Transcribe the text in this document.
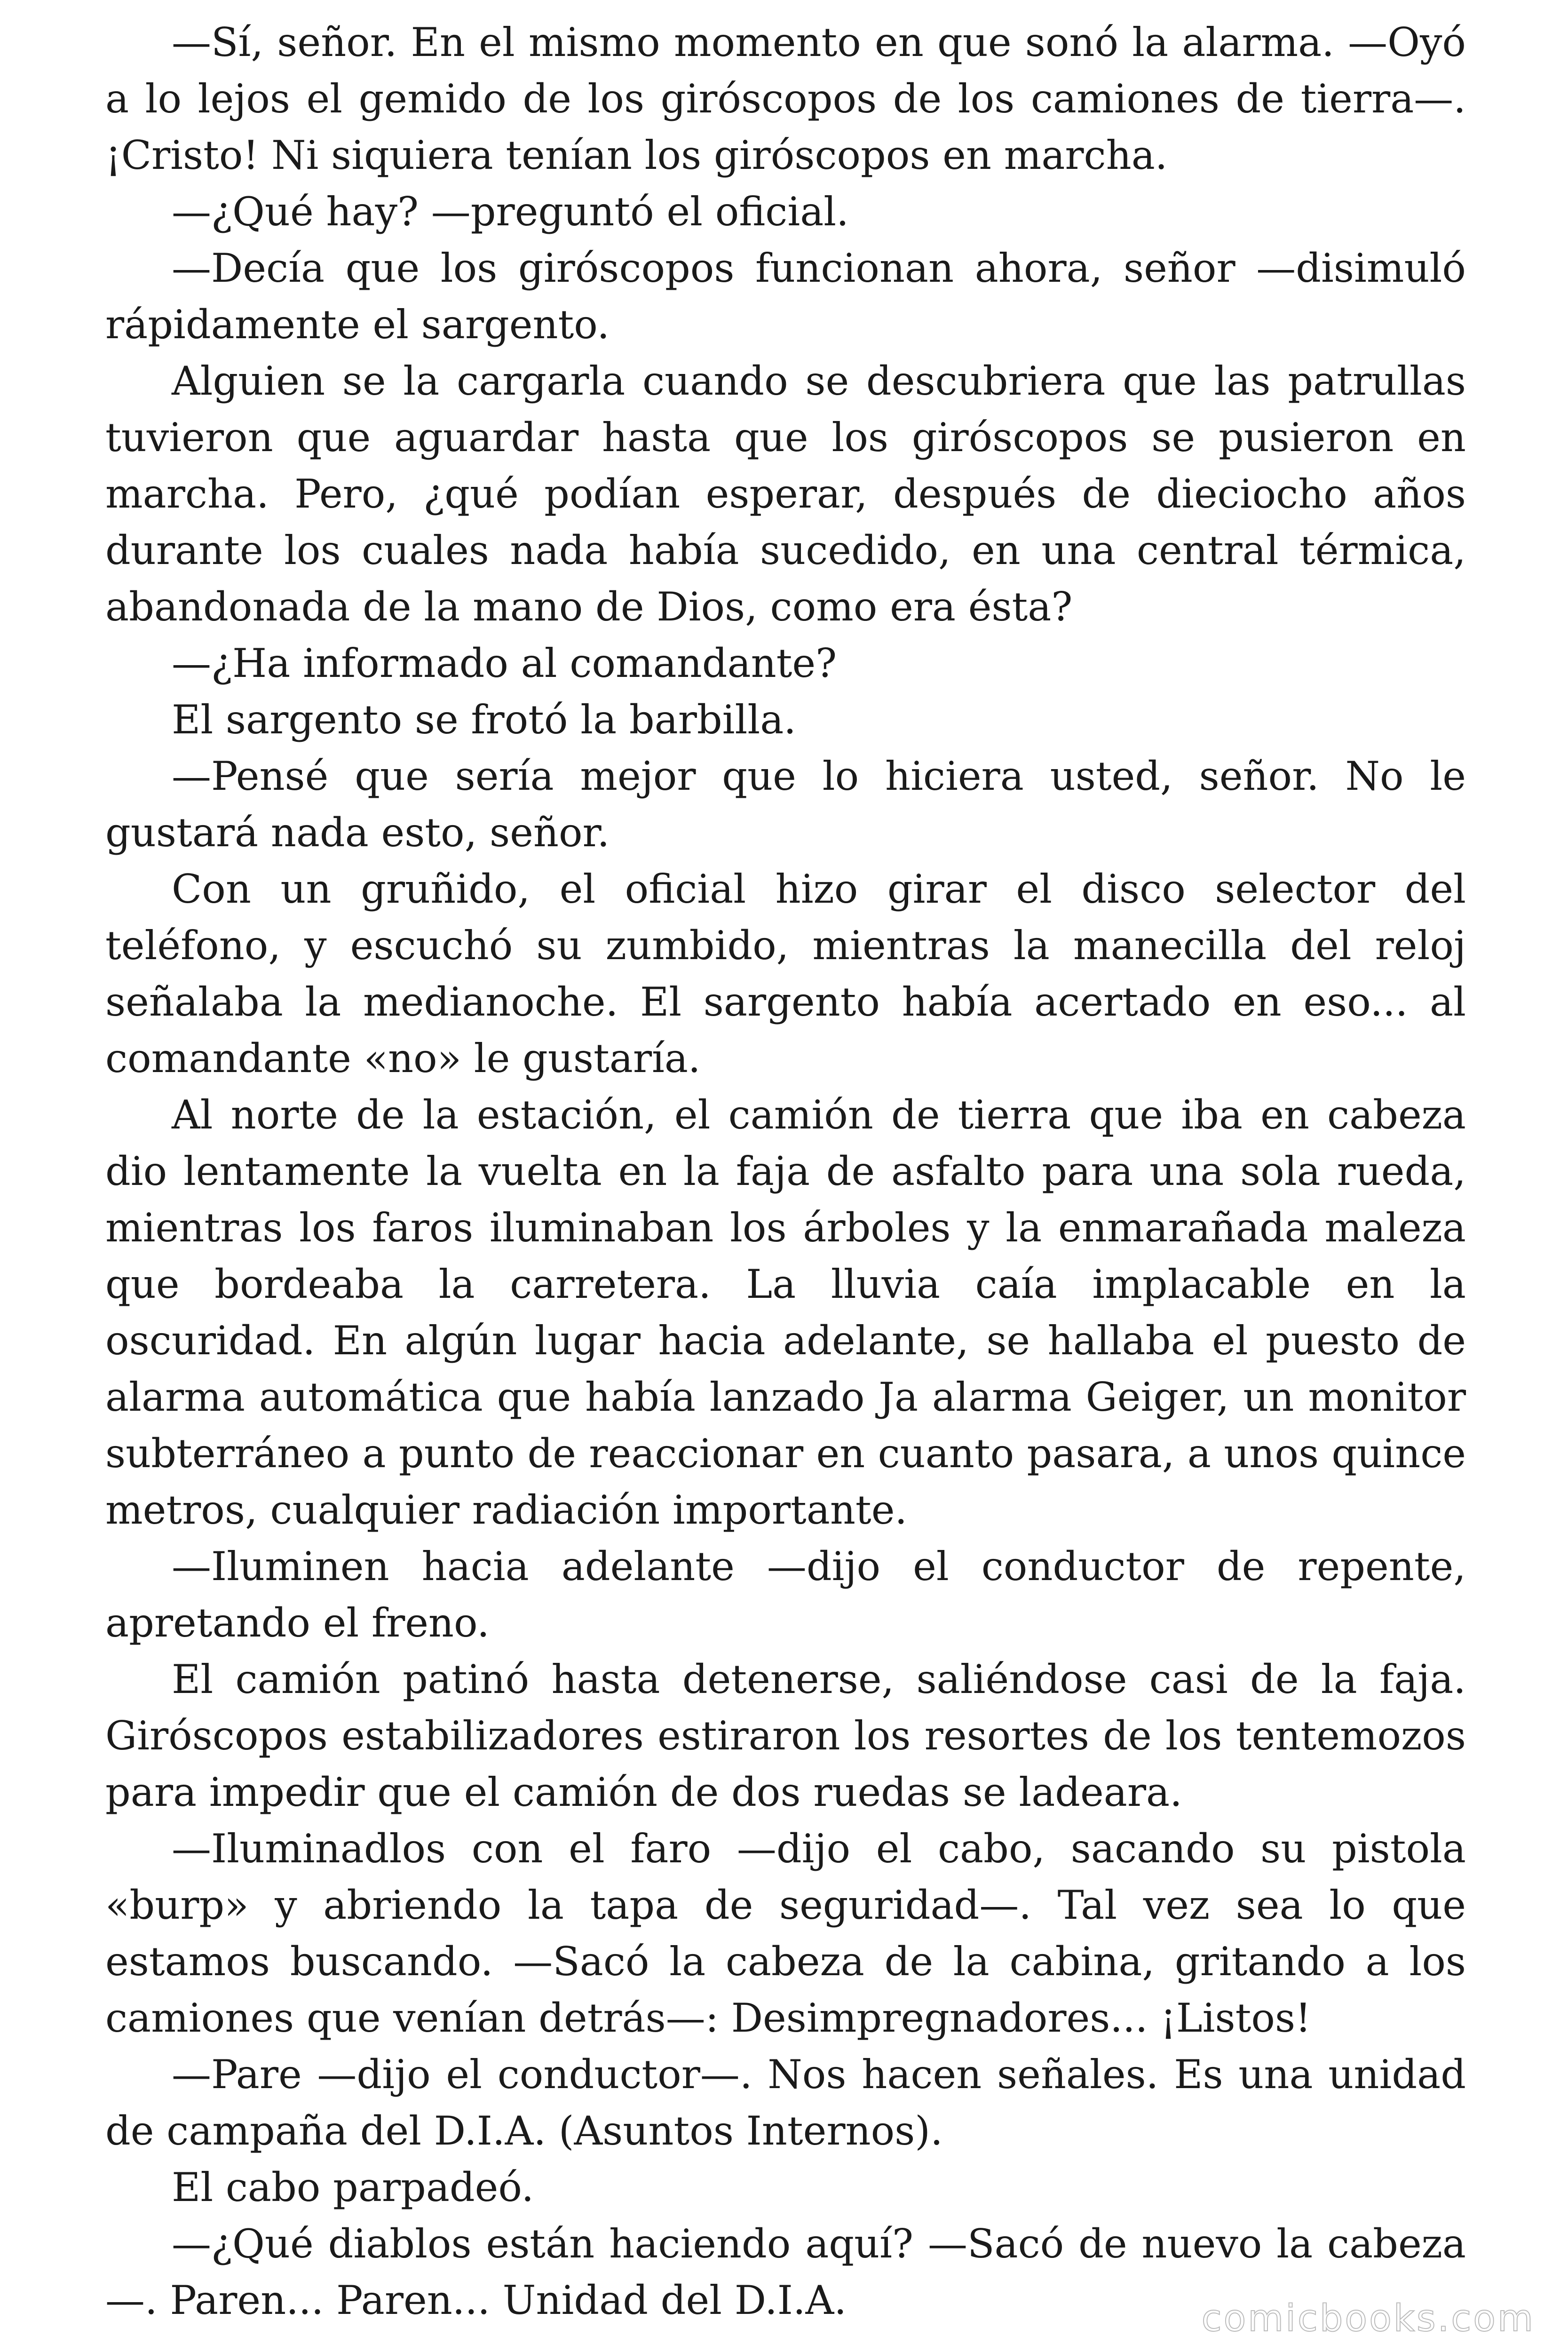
—Sí, señor. En el mismo momento en que sonó la alarma. —Oyó a lo lejos el gemido de los giróscopos de los camiones de tierra—. ¡Cristo! Ni siquiera tenían los giróscopos en marcha.

—¿Qué hay? —preguntó el oficial.

—Decía que los giróscopos funcionan ahora, señor —disimuló rápidamente el sargento.

Alguien se la cargarla cuando se descubriera que las patrullas tuvieron que aguardar hasta que los giróscopos se pusieron en marcha. Pero, ¿qué podían esperar, después de dieciocho años durante los cuales nada había sucedido, en una central térmica, abandonada de la mano de Dios, como era ésta?

—¿Ha informado al comandante?

El sargento se frotó la barbilla.

—Pensé que sería mejor que lo hiciera usted, señor. No le gustará nada esto, señor.

Con un gruñido, el oficial hizo girar el disco selector del teléfono, y escuchó su zumbido, mientras la manecilla del reloj señalaba la medianoche. El sargento había acertado en eso... al comandante «no» le gustaría.

Al norte de la estación, el camión de tierra que iba en cabeza dio lentamente la vuelta en la faja de asfalto para una sola rueda, mientras los faros iluminaban los árboles y la enmarañada maleza que bordeaba la carretera. La lluvia caía implacable en la oscuridad. En algún lugar hacia adelante, se hallaba el puesto de alarma automática que había lanzado Ja alarma Geiger, un monitor subterráneo a punto de reaccionar en cuanto pasara, a unos quince metros, cualquier radiación importante.

—Iluminen hacia adelante —dijo el conductor de repente, apretando el freno.

El camión patinó hasta detenerse, saliéndose casi de la faja. Giróscopos estabilizadores estiraron los resortes de los tentemozos para impedir que el camión de dos ruedas se ladeara.

—Iluminadlos con el faro —dijo el cabo, sacando su pistola «burp» y abriendo la tapa de seguridad—. Tal vez sea lo que estamos buscando. —Sacó la cabeza de la cabina, gritando a los camiones que venían detrás—: Desimpregnadores... ¡Listos!

—Pare —dijo el conductor—. Nos hacen señales. Es una unidad de campaña del D.I.A. (Asuntos Internos).

El cabo parpadeó.

—¿Qué diablos están haciendo aquí? —Sacó de nuevo la cabeza—. Paren... Paren... Unidad del D.I.A.	comicbooks.com
